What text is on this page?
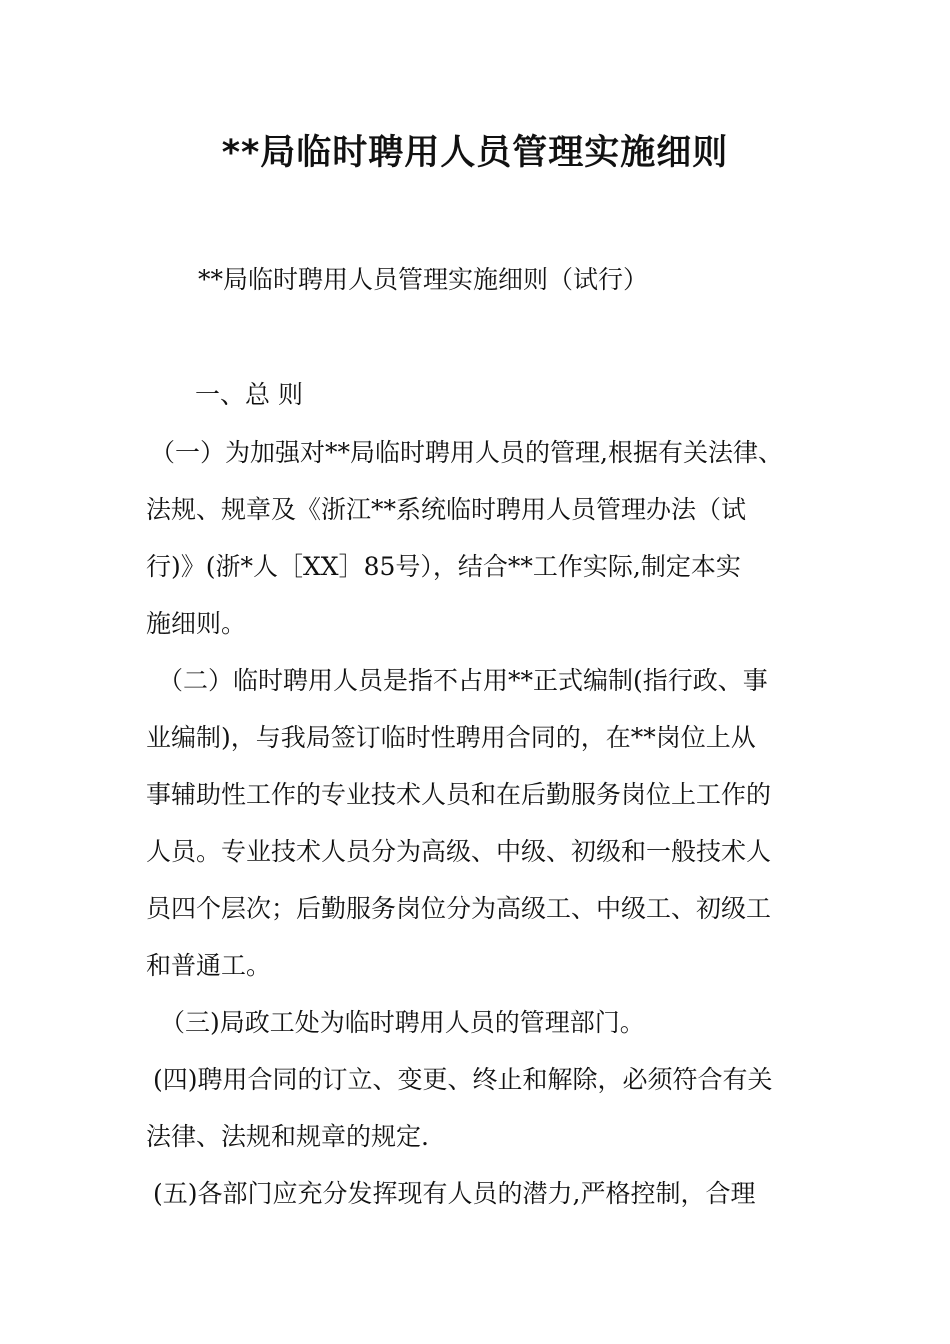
**局临时聘用人员管理实施细则
**局临时聘用人员管理实施细则（试行）
一、总 则
（一）为加强对**局临时聘用人员的管理,根据有关法律、
法规、规章及《浙江**系统临时聘用人员管理办法（试
行)》(浙*人［XX］85号），结合**工作实际,制定本实
施细则。
（二）临时聘用人员是指不占用**正式编制(指行政、事
业编制)，与我局签订临时性聘用合同的，在**岗位上从
事辅助性工作的专业技术人员和在后勤服务岗位上工作的
人员。专业技术人员分为高级、中级、初级和一般技术人
员四个层次；后勤服务岗位分为高级工、中级工、初级工
和普通工。
（三)局政工处为临时聘用人员的管理部门。
(四)聘用合同的订立、变更、终止和解除，必须符合有关
法律、法规和规章的规定.
(五)各部门应充分发挥现有人员的潜力,严格控制，合理
